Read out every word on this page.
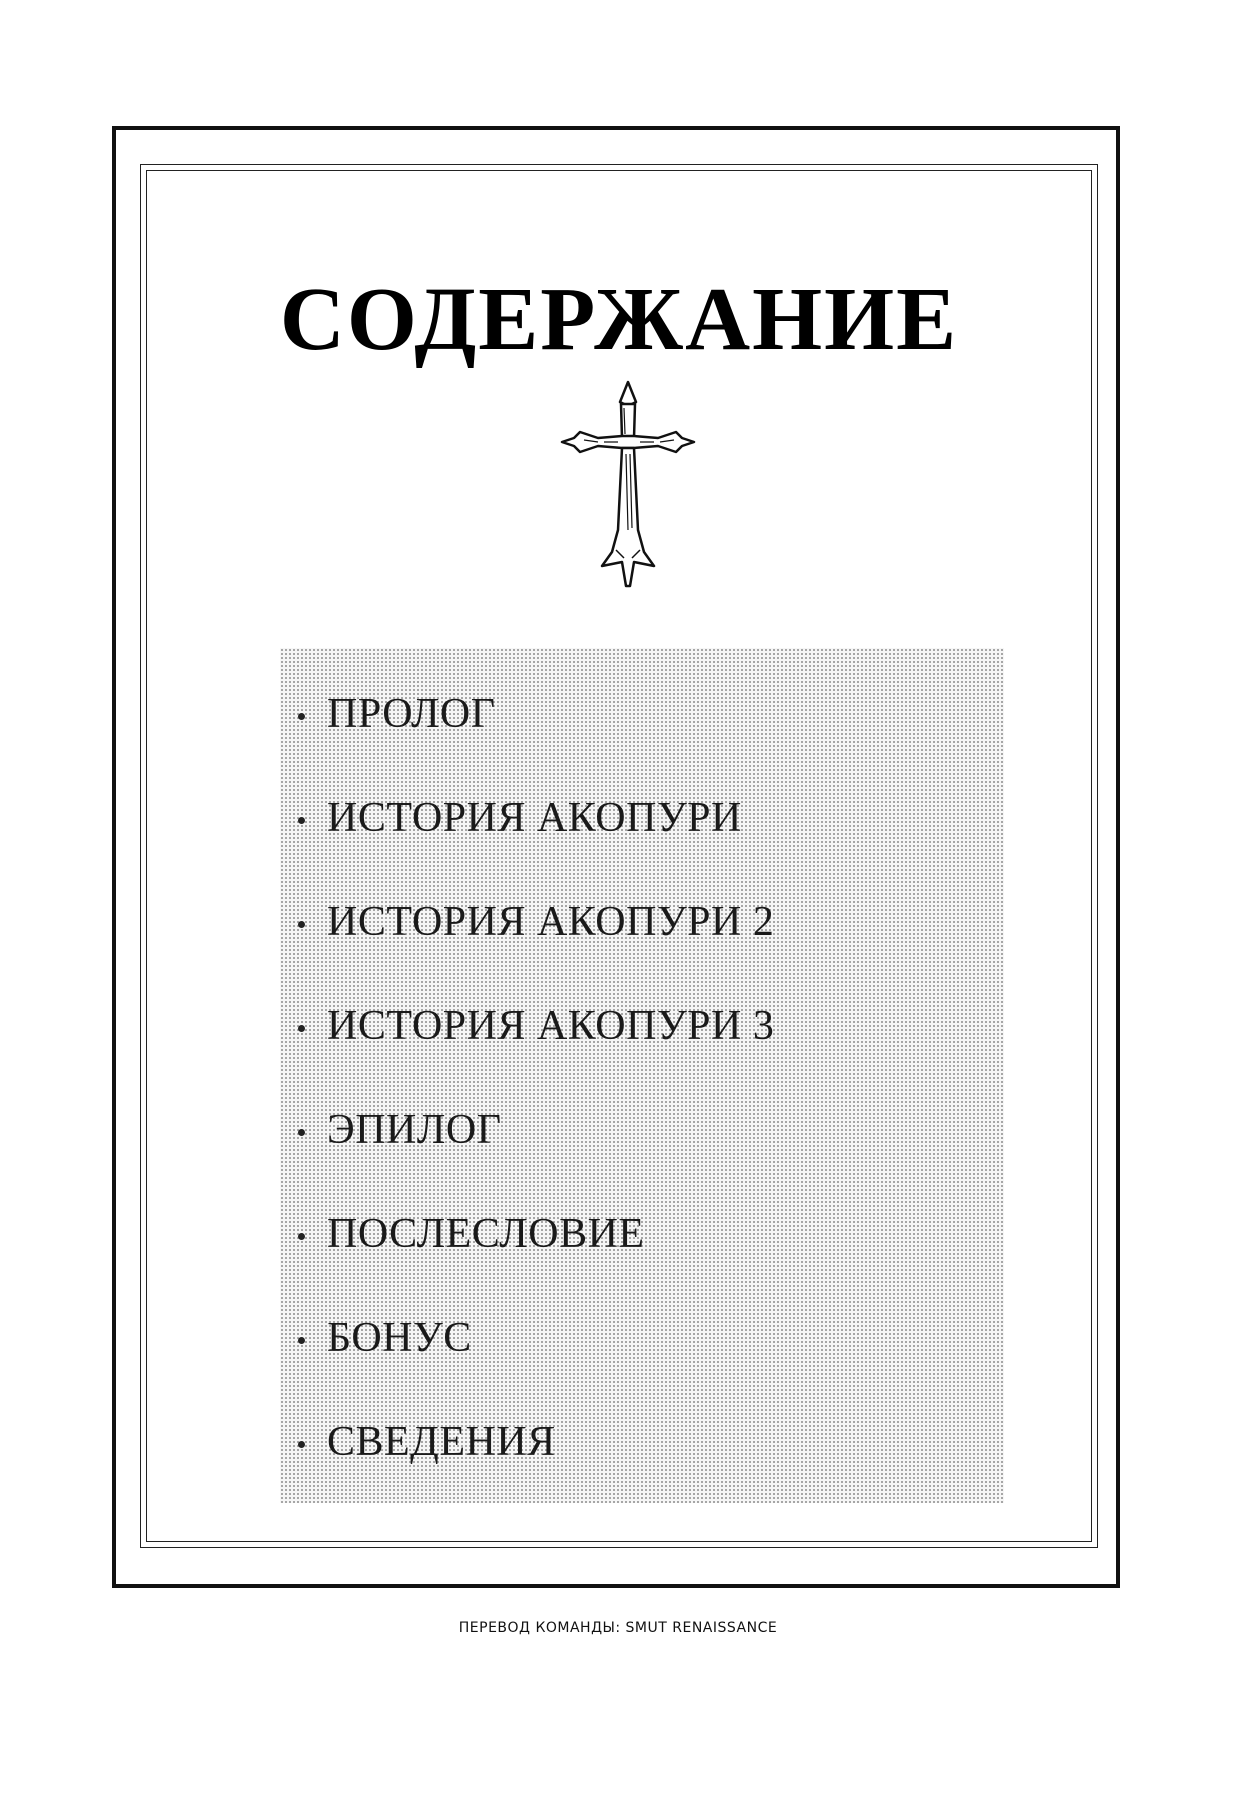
СОДЕРЖАНИЕ
ПРОЛОГ
ИСТОРИЯ АКОПУРИ
ИСТОРИЯ АКОПУРИ 2
ИСТОРИЯ АКОПУРИ 3
ЭПИЛОГ
ПОСЛЕСЛОВИЕ
БОНУС
СВЕДЕНИЯ
ПЕРЕВОД КОМАНДЫ: SMUT RENAISSANCE
